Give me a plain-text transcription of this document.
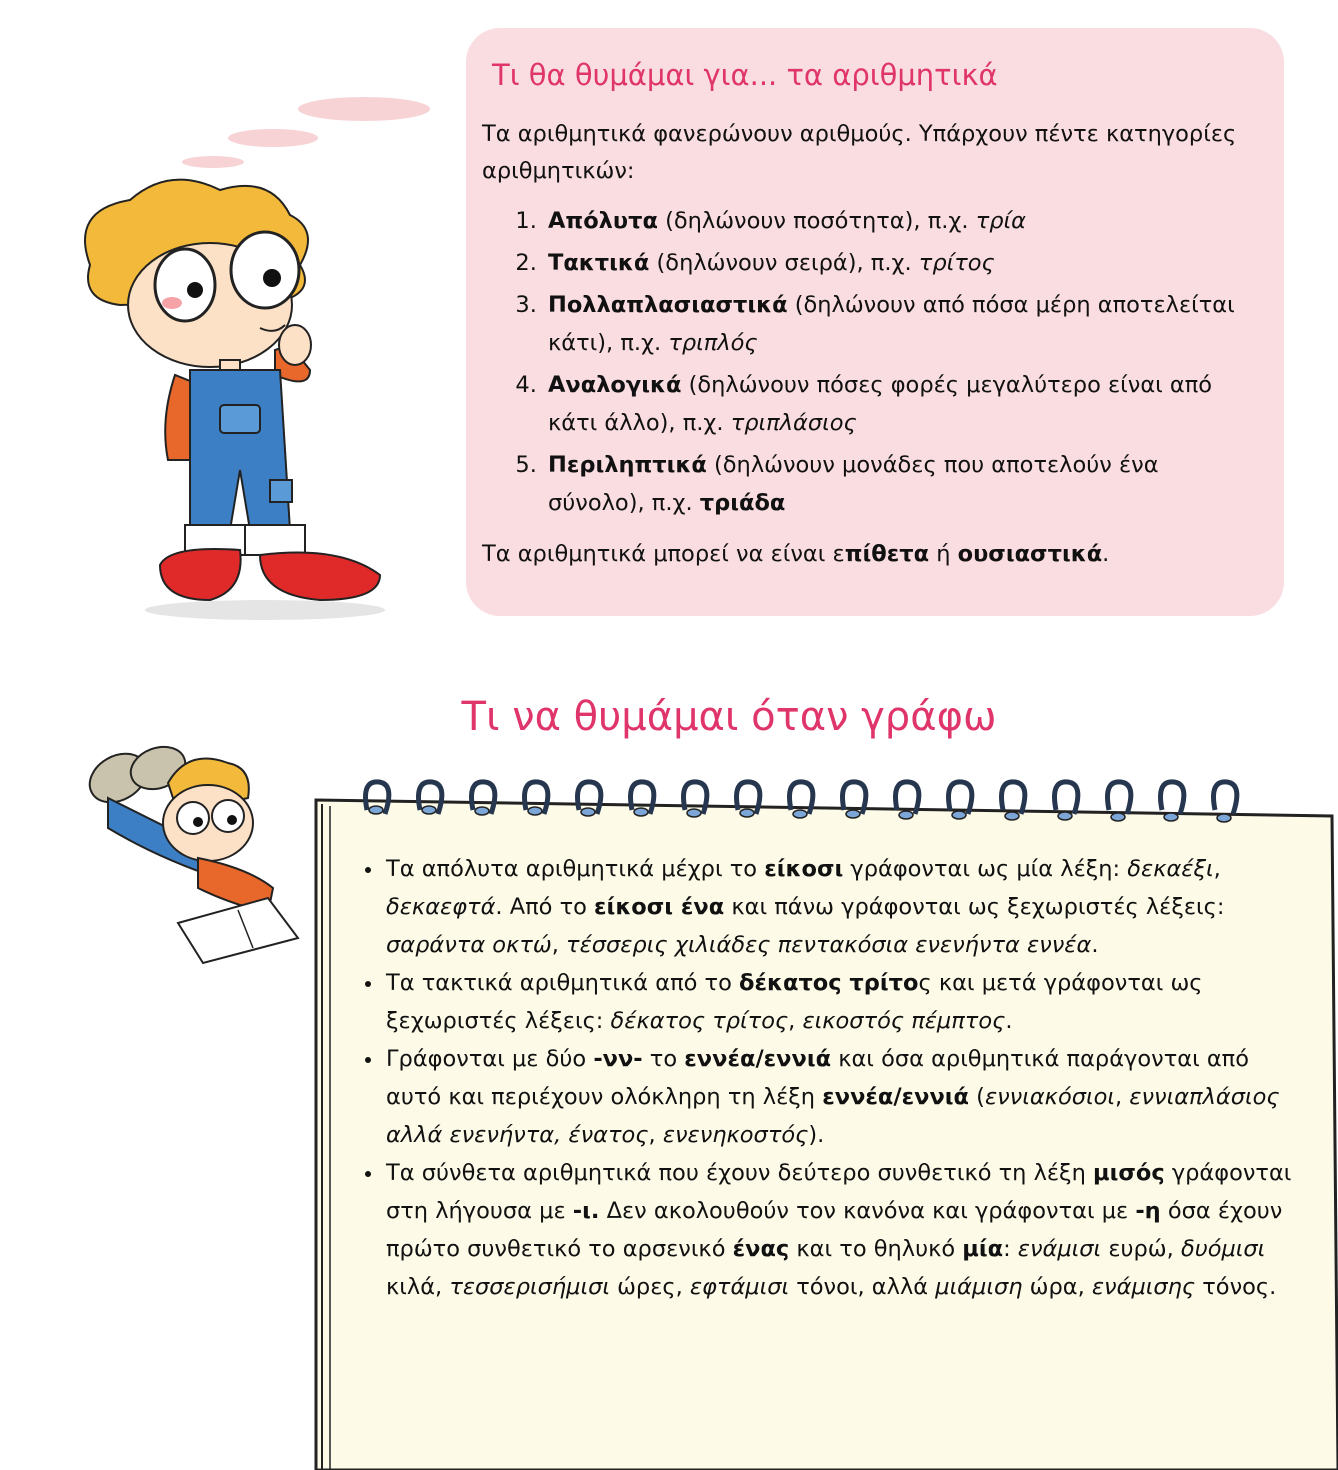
Τι θα θυμάμαι για... τα αριθμητικά

Τα αριθμητικά φανερώνουν αριθμούς. Υπάρχουν πέντε κατηγορίες αριθμητικών:

1. Απόλυτα (δηλώνουν ποσότητα), π.χ. τρία
2. Τακτικά (δηλώνουν σειρά), π.χ. τρίτος
3. Πολλαπλασιαστικά (δηλώνουν από πόσα μέρη αποτελείται κάτι), π.χ. τριπλός
4. Αναλογικά (δηλώνουν πόσες φορές μεγαλύτερο είναι από κάτι άλλο), π.χ. τριπλάσιος
5. Περιληπτικά (δηλώνουν μονάδες που αποτελούν ένα σύνολο), π.χ. τριάδα

Τα αριθμητικά μπορεί να είναι επίθετα ή ουσιαστικά.

Τι να θυμάμαι όταν γράφω
• Τα απόλυτα αριθμητικά μέχρι το είκοσι γράφονται ως μία λέξη: δεκαέξι, δεκαεφτά. Από το είκοσι ένα και πάνω γράφονται ως ξεχωριστές λέξεις: σαράντα οκτώ, τέσσερις χιλιάδες πεντακόσια ενενήντα εννέα.
• Τα τακτικά αριθμητικά από το δέκατος τρίτος και μετά γράφονται ως ξεχωριστές λέξεις: δέκατος τρίτος, εικοστός πέμπτος.
• Γράφονται με δύο -νν- το εννέα/εννιά και όσα αριθμητικά παράγονται από αυτό και περιέχουν ολόκληρη τη λέξη εννέα/εννιά (εννιακόσιοι, εννιαπλάσιος αλλά ενενήντα, ένατος, ενενηκοστός).
• Τα σύνθετα αριθμητικά που έχουν δεύτερο συνθετικό τη λέξη μισός γράφονται στη λήγουσα με -ι. Δεν ακολουθούν τον κανόνα και γράφονται με -η όσα έχουν πρώτο συνθετικό το αρσενικό ένας και το θηλυκό μία: ενάμισι ευρώ, δυόμισι κιλά, τεσσερισήμισι ώρες, εφτάμισι τόνοι, αλλά μιάμιση ώρα, ενάμισης τόνος.
